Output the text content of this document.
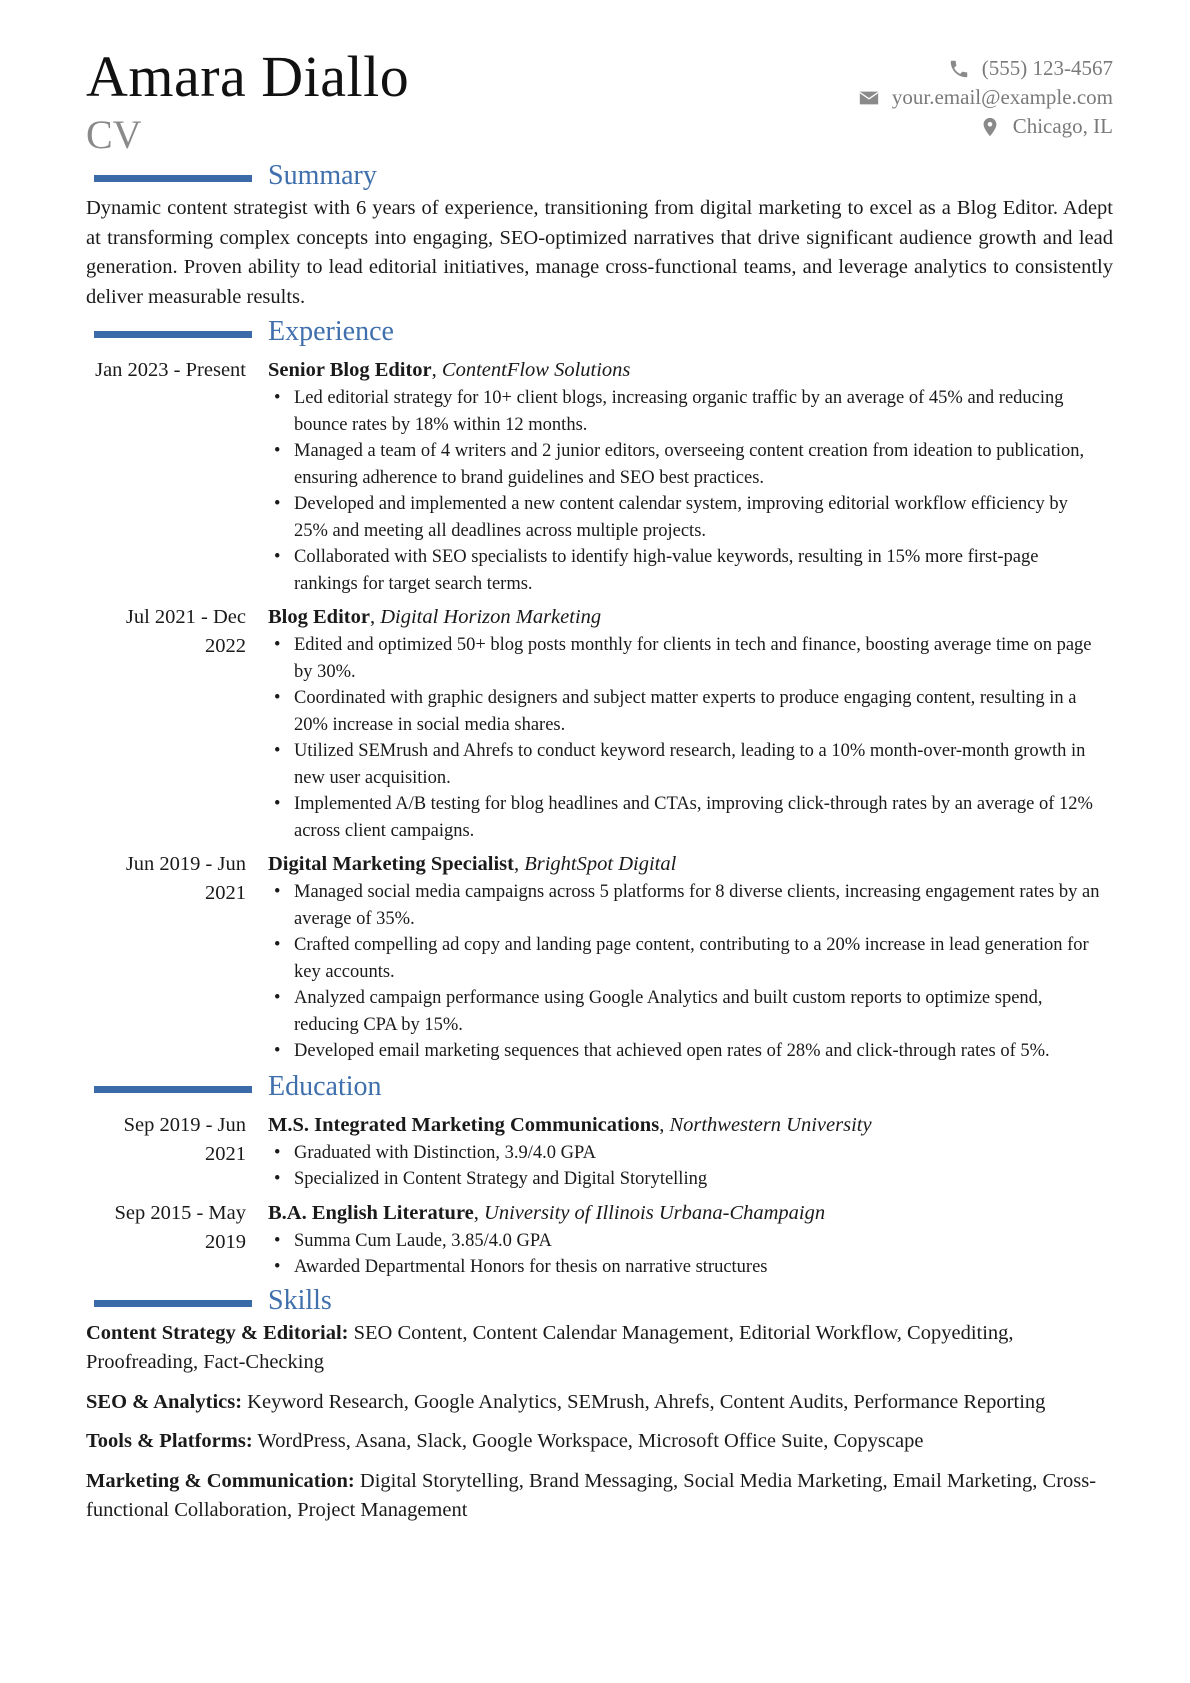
Amara Diallo
CV
(555) 123-4567
your.email@example.com
Chicago, IL
Summary

Dynamic content strategist with 6 years of experience, transitioning from digital marketing to excel as a Blog Editor. Adept at transforming complex concepts into engaging, SEO-optimized narratives that drive significant audience growth and lead generation. Proven ability to lead editorial initiatives, manage cross-functional teams, and leverage analytics to consistently deliver measurable results.

Experience
Jan 2023 - Present	Senior Blog Editor, ContentFlow Solutions
• Led editorial strategy for 10+ client blogs, increasing organic traffic by an average of 45% and reducing bounce rates by 18% within 12 months.
• Managed a team of 4 writers and 2 junior editors, overseeing content creation from ideation to publication, ensuring adherence to brand guidelines and SEO best practices.
• Developed and implemented a new content calendar system, improving editorial workflow efficiency by 25% and meeting all deadlines across multiple projects.
• Collaborated with SEO specialists to identify high-value keywords, resulting in 15% more first-page rankings for target search terms.
Jul 2021 - Dec 2022
Blog Editor, Digital Horizon Marketing
• Edited and optimized 50+ blog posts monthly for clients in tech and finance, boosting average time on page by 30%.
• Coordinated with graphic designers and subject matter experts to produce engaging content, resulting in a 20% increase in social media shares.
• Utilized SEMrush and Ahrefs to conduct keyword research, leading to a 10% month-over-month growth in new user acquisition.
• Implemented A/B testing for blog headlines and CTAs, improving click-through rates by an average of 12% across client campaigns.
Jun 2019 - Jun 2021
Digital Marketing Specialist, BrightSpot Digital
• Managed social media campaigns across 5 platforms for 8 diverse clients, increasing engagement rates by an average of 35%.
• Crafted compelling ad copy and landing page content, contributing to a 20% increase in lead generation for key accounts.
• Analyzed campaign performance using Google Analytics and built custom reports to optimize spend, reducing CPA by 15%.
• Developed email marketing sequences that achieved open rates of 28% and click-through rates of 5%.
Education
Sep 2019 - Jun 2021
M.S. Integrated Marketing Communications, Northwestern University
• Graduated with Distinction, 3.9/4.0 GPA
• Specialized in Content Strategy and Digital Storytelling
Sep 2015 - May 2019
B.A. English Literature, University of Illinois Urbana-Champaign
• Summa Cum Laude, 3.85/4.0 GPA
• Awarded Departmental Honors for thesis on narrative structures
Skills
Content Strategy & Editorial: SEO Content, Content Calendar Management, Editorial Workflow, Copyediting, Proofreading, Fact-Checking
SEO & Analytics: Keyword Research, Google Analytics, SEMrush, Ahrefs, Content Audits, Performance Reporting
Tools & Platforms: WordPress, Asana, Slack, Google Workspace, Microsoft Office Suite, Copyscape
Marketing & Communication: Digital Storytelling, Brand Messaging, Social Media Marketing, Email Marketing, Cross-functional Collaboration, Project Management
